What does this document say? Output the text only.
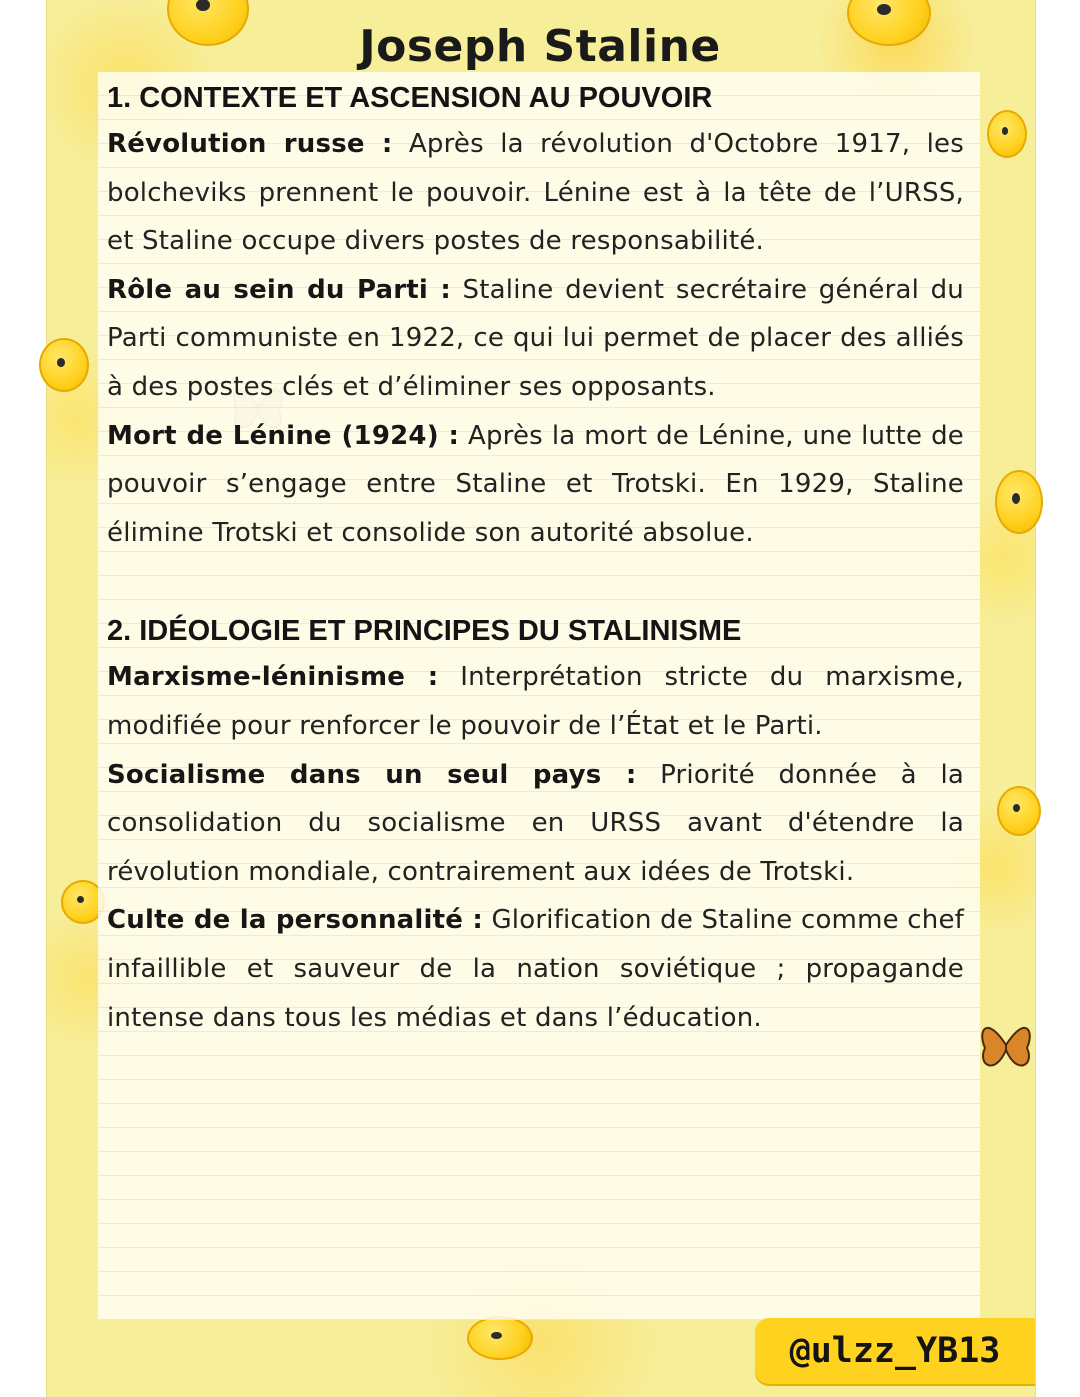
Joseph Staline
1. CONTEXTE ET ASCENSION AU POUVOIR

Révolution russe : Après la révolution d'Octobre 1917, les bolcheviks prennent le pouvoir. Lénine est à la tête de l’URSS, et Staline occupe divers postes de responsabilité.

Rôle au sein du Parti : Staline devient secrétaire général du Parti communiste en 1922, ce qui lui permet de placer des alliés à des postes clés et d’éliminer ses opposants.

Mort de Lénine (1924) : Après la mort de Lénine, une lutte de pouvoir s’engage entre Staline et Trotski. En 1929, Staline élimine Trotski et consolide son autorité absolue.

2. IDÉOLOGIE ET PRINCIPES DU STALINISME

Marxisme-léninisme : Interprétation stricte du marxisme, modifiée pour renforcer le pouvoir de l’État et le Parti.

Socialisme dans un seul pays : Priorité donnée à la consolidation du socialisme en URSS avant d'étendre la révolution mondiale, contrairement aux idées de Trotski.

Culte de la personnalité : Glorification de Staline comme chef infaillible et sauveur de la nation soviétique ; propagande intense dans tous les médias et dans l’éducation.

@ulzz_YB13
